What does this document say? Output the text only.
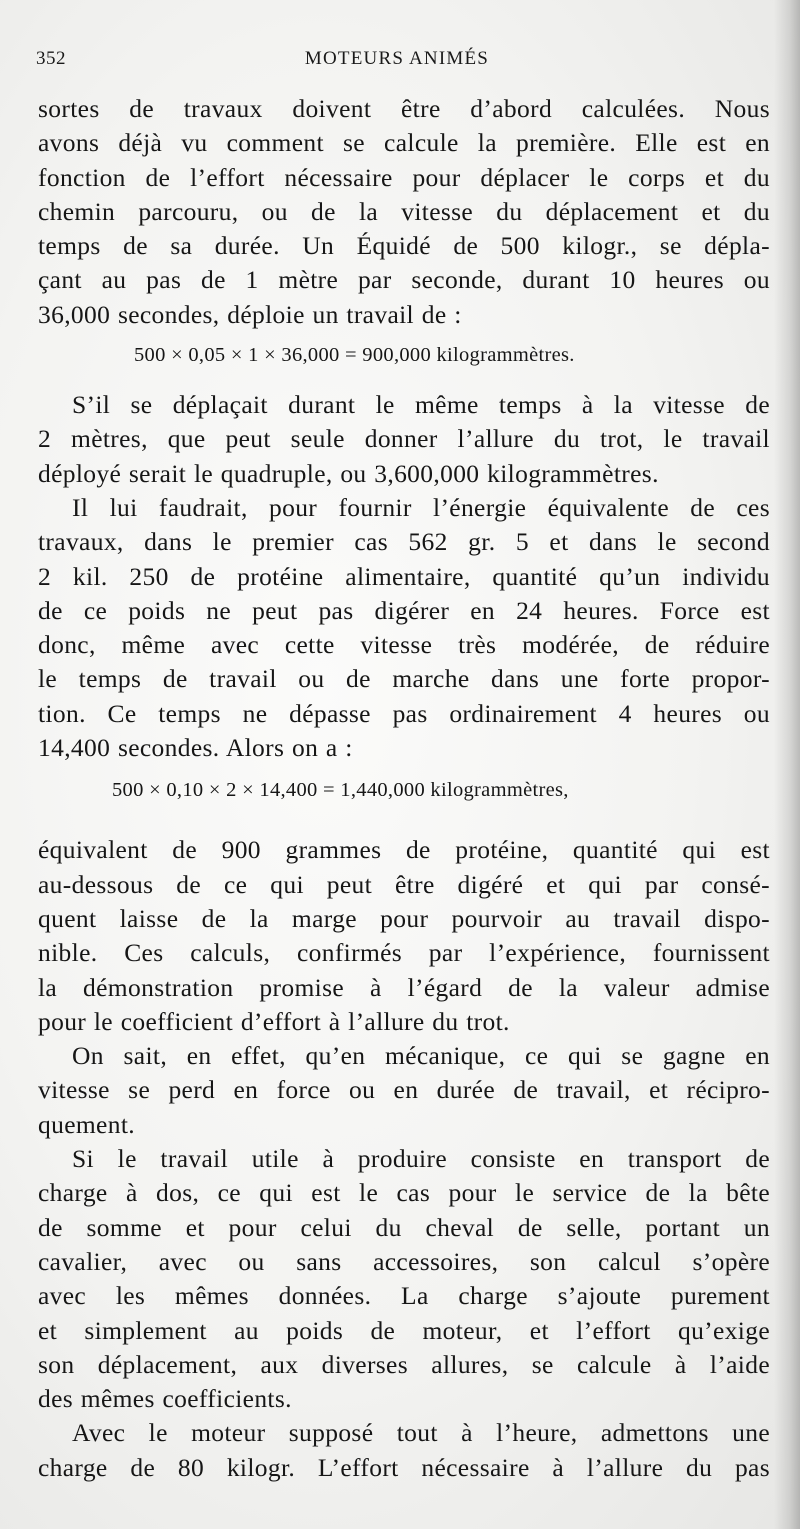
352	MOTEURS ANIMÉS
sortes de travaux doivent être d’abord calculées. Nous
avons déjà vu comment se calcule la première. Elle est en
fonction de l’effort nécessaire pour déplacer le corps et du
chemin parcouru, ou de la vitesse du déplacement et du
temps de sa durée. Un Équidé de 500 kilogr., se dépla-
çant au pas de 1 mètre par seconde, durant 10 heures ou
36,000 secondes, déploie un travail de :
500 × 0,05 × 1 × 36,000 = 900,000 kilogrammètres.
S’il se déplaçait durant le même temps à la vitesse de
2 mètres, que peut seule donner l’allure du trot, le travail
déployé serait le quadruple, ou 3,600,000 kilogrammètres.
Il lui faudrait, pour fournir l’énergie équivalente de ces
travaux, dans le premier cas 562 gr. 5 et dans le second
2 kil. 250 de protéine alimentaire, quantité qu’un individu
de ce poids ne peut pas digérer en 24 heures. Force est
donc, même avec cette vitesse très modérée, de réduire
le temps de travail ou de marche dans une forte propor-
tion. Ce temps ne dépasse pas ordinairement 4 heures ou
14,400 secondes. Alors on a :
500 × 0,10 × 2 × 14,400 = 1,440,000 kilogrammètres,
équivalent de 900 grammes de protéine, quantité qui est
au-dessous de ce qui peut être digéré et qui par consé-
quent laisse de la marge pour pourvoir au travail dispo-
nible. Ces calculs, confirmés par l’expérience, fournissent
la démonstration promise à l’égard de la valeur admise
pour le coefficient d’effort à l’allure du trot.
On sait, en effet, qu’en mécanique, ce qui se gagne en
vitesse se perd en force ou en durée de travail, et récipro-
quement.
Si le travail utile à produire consiste en transport de
charge à dos, ce qui est le cas pour le service de la bête
de somme et pour celui du cheval de selle, portant un
cavalier, avec ou sans accessoires, son calcul s’opère
avec les mêmes données. La charge s’ajoute purement
et simplement au poids de moteur, et l’effort qu’exige
son déplacement, aux diverses allures, se calcule à l’aide
des mêmes coefficients.
Avec le moteur supposé tout à l’heure, admettons une
charge de 80 kilogr. L’effort nécessaire à l’allure du pas
